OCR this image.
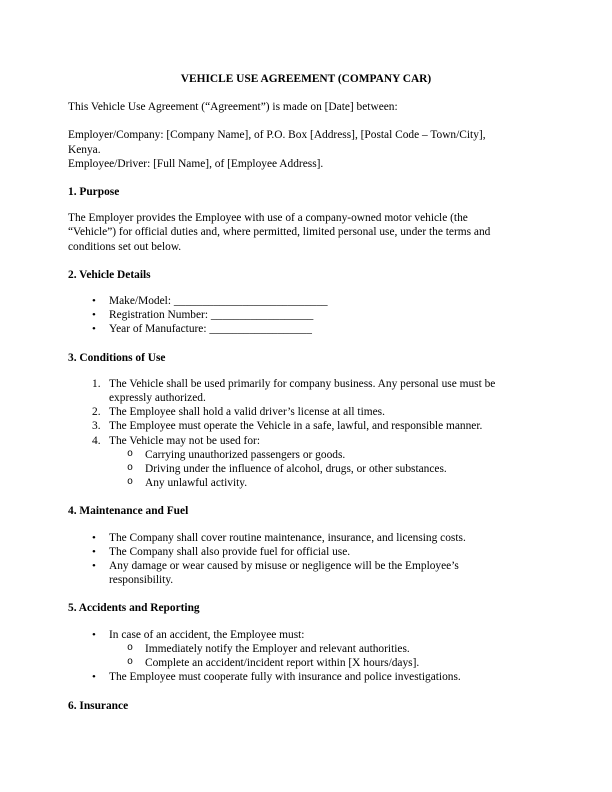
VEHICLE USE AGREEMENT (COMPANY CAR)
This Vehicle Use Agreement (“Agreement”) is made on [Date] between:
Employer/Company: [Company Name], of P.O. Box [Address], [Postal Code – Town/City],
Kenya.
Employee/Driver: [Full Name], of [Employee Address].
1. Purpose
The Employer provides the Employee with use of a company-owned motor vehicle (the
“Vehicle”) for official duties and, where permitted, limited personal use, under the terms and
conditions set out below.
2. Vehicle Details
• Make/Model: ___________________________
• Registration Number: __________________
• Year of Manufacture: __________________
3. Conditions of Use
1. The Vehicle shall be used primarily for company business. Any personal use must be
expressly authorized.
2. The Employee shall hold a valid driver’s license at all times.
3. The Employee must operate the Vehicle in a safe, lawful, and responsible manner.
4. The Vehicle may not be used for:
o Carrying unauthorized passengers or goods.
o Driving under the influence of alcohol, drugs, or other substances.
o Any unlawful activity.
4. Maintenance and Fuel
• The Company shall cover routine maintenance, insurance, and licensing costs.
• The Company shall also provide fuel for official use.
• Any damage or wear caused by misuse or negligence will be the Employee’s
responsibility.
5. Accidents and Reporting
• In case of an accident, the Employee must:
o Immediately notify the Employer and relevant authorities.
o Complete an accident/incident report within [X hours/days].
• The Employee must cooperate fully with insurance and police investigations.
6. Insurance
